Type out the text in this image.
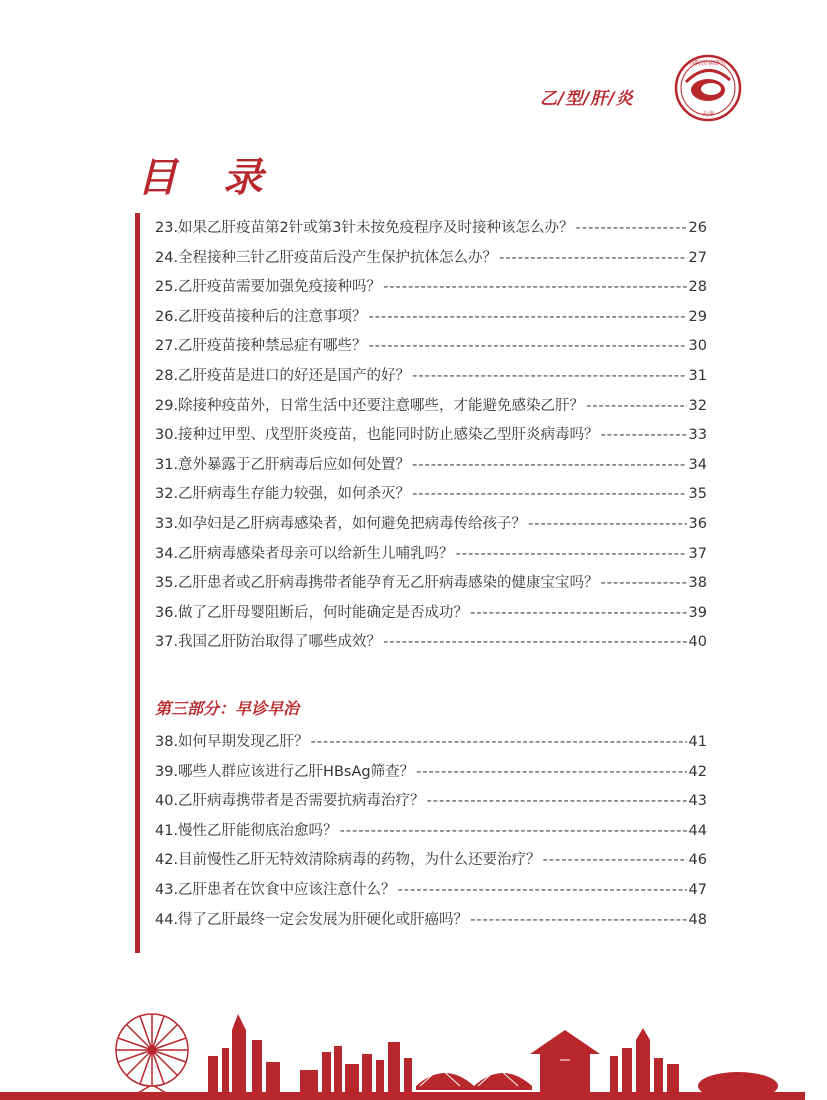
乙/型/肝/炎
国际肝病研究
天津
目 录
23.如果乙肝疫苗第2针或第3针未按免疫程序及时接种该怎么办？ -----	26
24.全程接种三针乙肝疫苗后没产生保护抗体怎么办？ -----	27
25.乙肝疫苗需要加强免疫接种吗？ -----	28
26.乙肝疫苗接种后的注意事项？ -----	29
27.乙肝疫苗接种禁忌症有哪些？ -----	30
28.乙肝疫苗是进口的好还是国产的好？ -----	31
29.除接种疫苗外，日常生活中还要注意哪些，才能避免感染乙肝？ -----	32
30.接种过甲型、戊型肝炎疫苗，也能同时防止感染乙型肝炎病毒吗？ -----	33
31.意外暴露于乙肝病毒后应如何处置？ -----	34
32.乙肝病毒生存能力较强，如何杀灭？ -----	35
33.如孕妇是乙肝病毒感染者，如何避免把病毒传给孩子？ -----	36
34.乙肝病毒感染者母亲可以给新生儿哺乳吗？ -----	37
35.乙肝患者或乙肝病毒携带者能孕育无乙肝病毒感染的健康宝宝吗？ -----	38
36.做了乙肝母婴阻断后，何时能确定是否成功？ -----	39
37.我国乙肝防治取得了哪些成效？ -----	40
第三部分：早诊早治
38.如何早期发现乙肝？ -----	41
39.哪些人群应该进行乙肝HBsAg筛查？ -----	42
40.乙肝病毒携带者是否需要抗病毒治疗？ -----	43
41.慢性乙肝能彻底治愈吗？ -----	44
42.目前慢性乙肝无特效清除病毒的药物，为什么还要治疗？ -----	46
43.乙肝患者在饮食中应该注意什么？ -----	47
44.得了乙肝最终一定会发展为肝硬化或肝癌吗？ -----	48
